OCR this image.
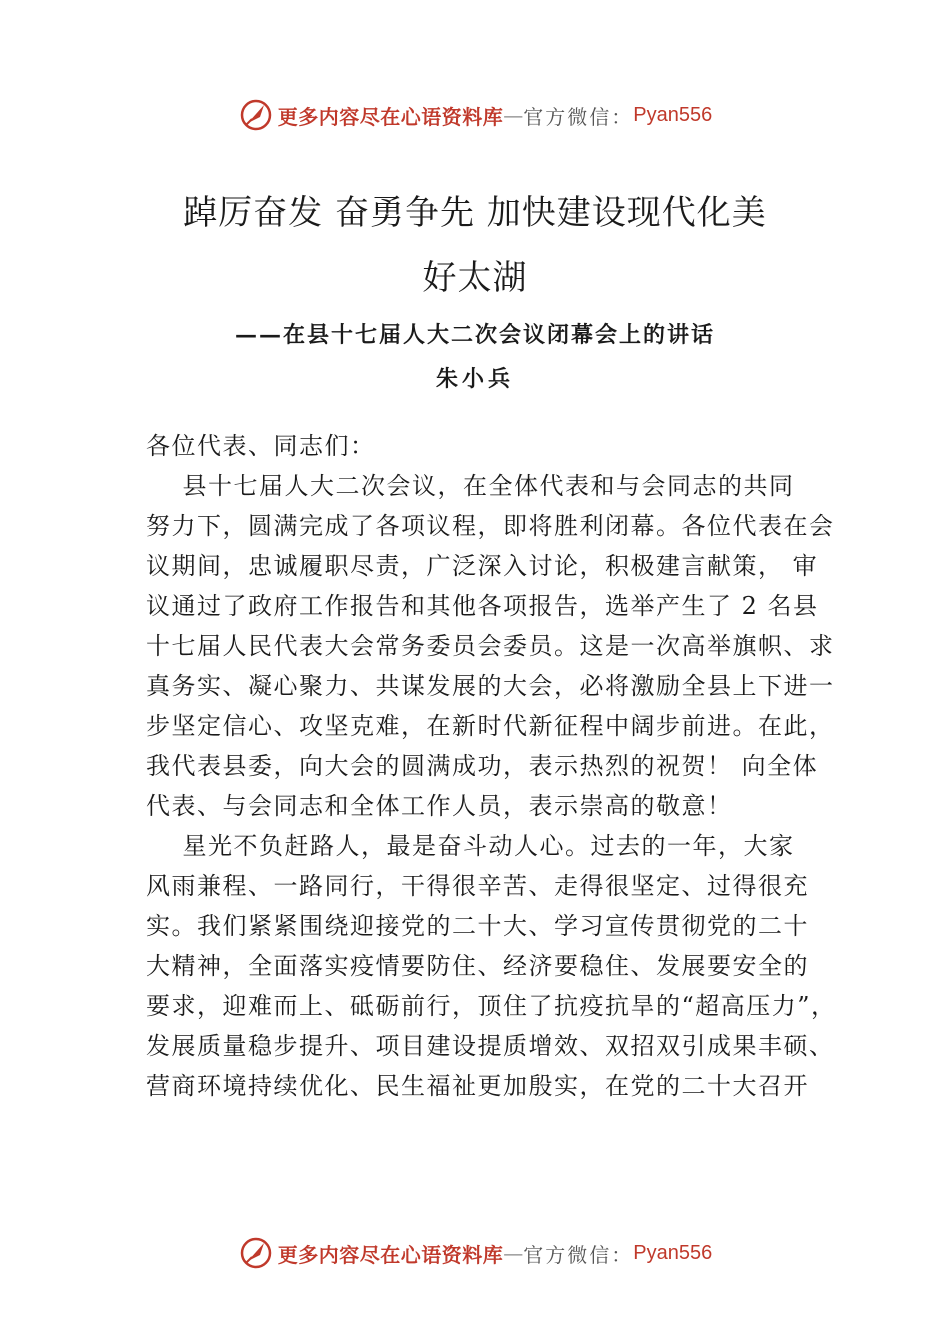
更多内容尽在心语资料库 — 官方微信： Pyan556
踔厉奋发 奋勇争先 加快建设现代化美
好太湖
——在县十七届人大二次会议闭幕会上的讲话
朱小兵
各位代表、同志们：
县十七届人大二次会议，在全体代表和与会同志的共同
努力下，圆满完成了各项议程，即将胜利闭幕。各位代表在会
议期间，忠诚履职尽责，广泛深入讨论，积极建言献策， 审
议通过了政府工作报告和其他各项报告，选举产生了 2 名县
十七届人民代表大会常务委员会委员。这是一次高举旗帜、求
真务实、凝心聚力、共谋发展的大会，必将激励全县上下进一
步坚定信心、攻坚克难，在新时代新征程中阔步前进。在此，
我代表县委，向大会的圆满成功，表示热烈的祝贺！ 向全体
代表、与会同志和全体工作人员，表示崇高的敬意！
星光不负赶路人，最是奋斗动人心。过去的一年，大家
风雨兼程、一路同行，干得很辛苦、走得很坚定、过得很充
实。我们紧紧围绕迎接党的二十大、学习宣传贯彻党的二十
大精神，全面落实疫情要防住、经济要稳住、发展要安全的
要求，迎难而上、砥砺前行，顶住了抗疫抗旱的“超高压力”，
发展质量稳步提升、项目建设提质增效、双招双引成果丰硕、
营商环境持续优化、民生福祉更加殷实，在党的二十大召开
更多内容尽在心语资料库 — 官方微信： Pyan556
